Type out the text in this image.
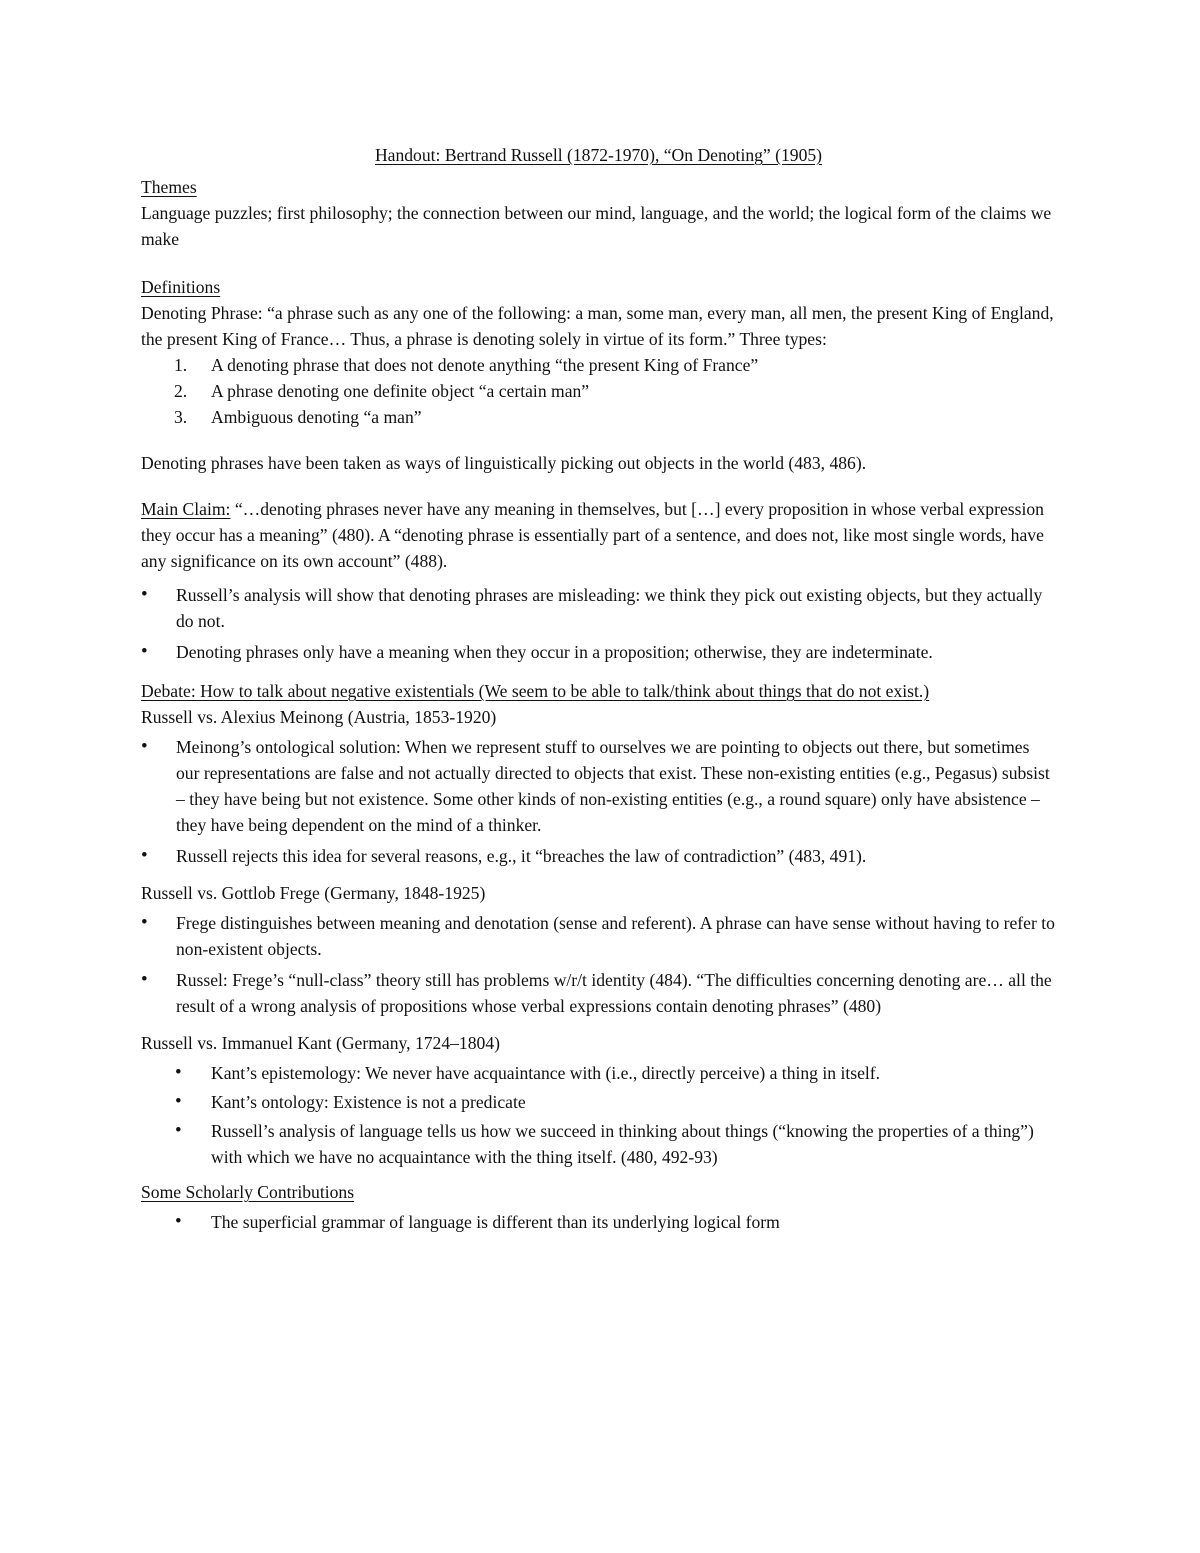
Handout: Bertrand Russell (1872-1970), “On Denoting” (1905)

Themes

Language puzzles; first philosophy; the connection between our mind, language, and the world; the logical form of the claims we make

Definitions

Denoting Phrase: “a phrase such as any one of the following: a man, some man, every man, all men, the present King of England, the present King of France… Thus, a phrase is denoting solely in virtue of its form.” Three types:

1. A denoting phrase that does not denote anything “the present King of France”
2. A phrase denoting one definite object “a certain man”
3. Ambiguous denoting “a man”

Denoting phrases have been taken as ways of linguistically picking out objects in the world (483, 486).

Main Claim: “…denoting phrases never have any meaning in themselves, but […] every proposition in whose verbal expression they occur has a meaning” (480). A “denoting phrase is essentially part of a sentence, and does not, like most single words, have any significance on its own account” (488).

• Russell’s analysis will show that denoting phrases are misleading: we think they pick out existing objects, but they actually do not.
• Denoting phrases only have a meaning when they occur in a proposition; otherwise, they are indeterminate.

Debate: How to talk about negative existentials (We seem to be able to talk/think about things that do not exist.)

Russell vs. Alexius Meinong (Austria, 1853-1920)

• Meinong’s ontological solution: When we represent stuff to ourselves we are pointing to objects out there, but sometimes our representations are false and not actually directed to objects that exist. These non-existing entities (e.g., Pegasus) subsist – they have being but not existence. Some other kinds of non-existing entities (e.g., a round square) only have absistence – they have being dependent on the mind of a thinker.
• Russell rejects this idea for several reasons, e.g., it “breaches the law of contradiction” (483, 491).

Russell vs. Gottlob Frege (Germany, 1848-1925)

• Frege distinguishes between meaning and denotation (sense and referent). A phrase can have sense without having to refer to non-existent objects.
• Russel: Frege’s “null-class” theory still has problems w/r/t identity (484). “The difficulties concerning denoting are… all the result of a wrong analysis of propositions whose verbal expressions contain denoting phrases” (480)

Russell vs. Immanuel Kant (Germany, 1724–1804)

• Kant’s epistemology: We never have acquaintance with (i.e., directly perceive) a thing in itself.
• Kant’s ontology: Existence is not a predicate
• Russell’s analysis of language tells us how we succeed in thinking about things (“knowing the properties of a thing”) with which we have no acquaintance with the thing itself. (480, 492-93)

Some Scholarly Contributions

• The superficial grammar of language is different than its underlying logical form
